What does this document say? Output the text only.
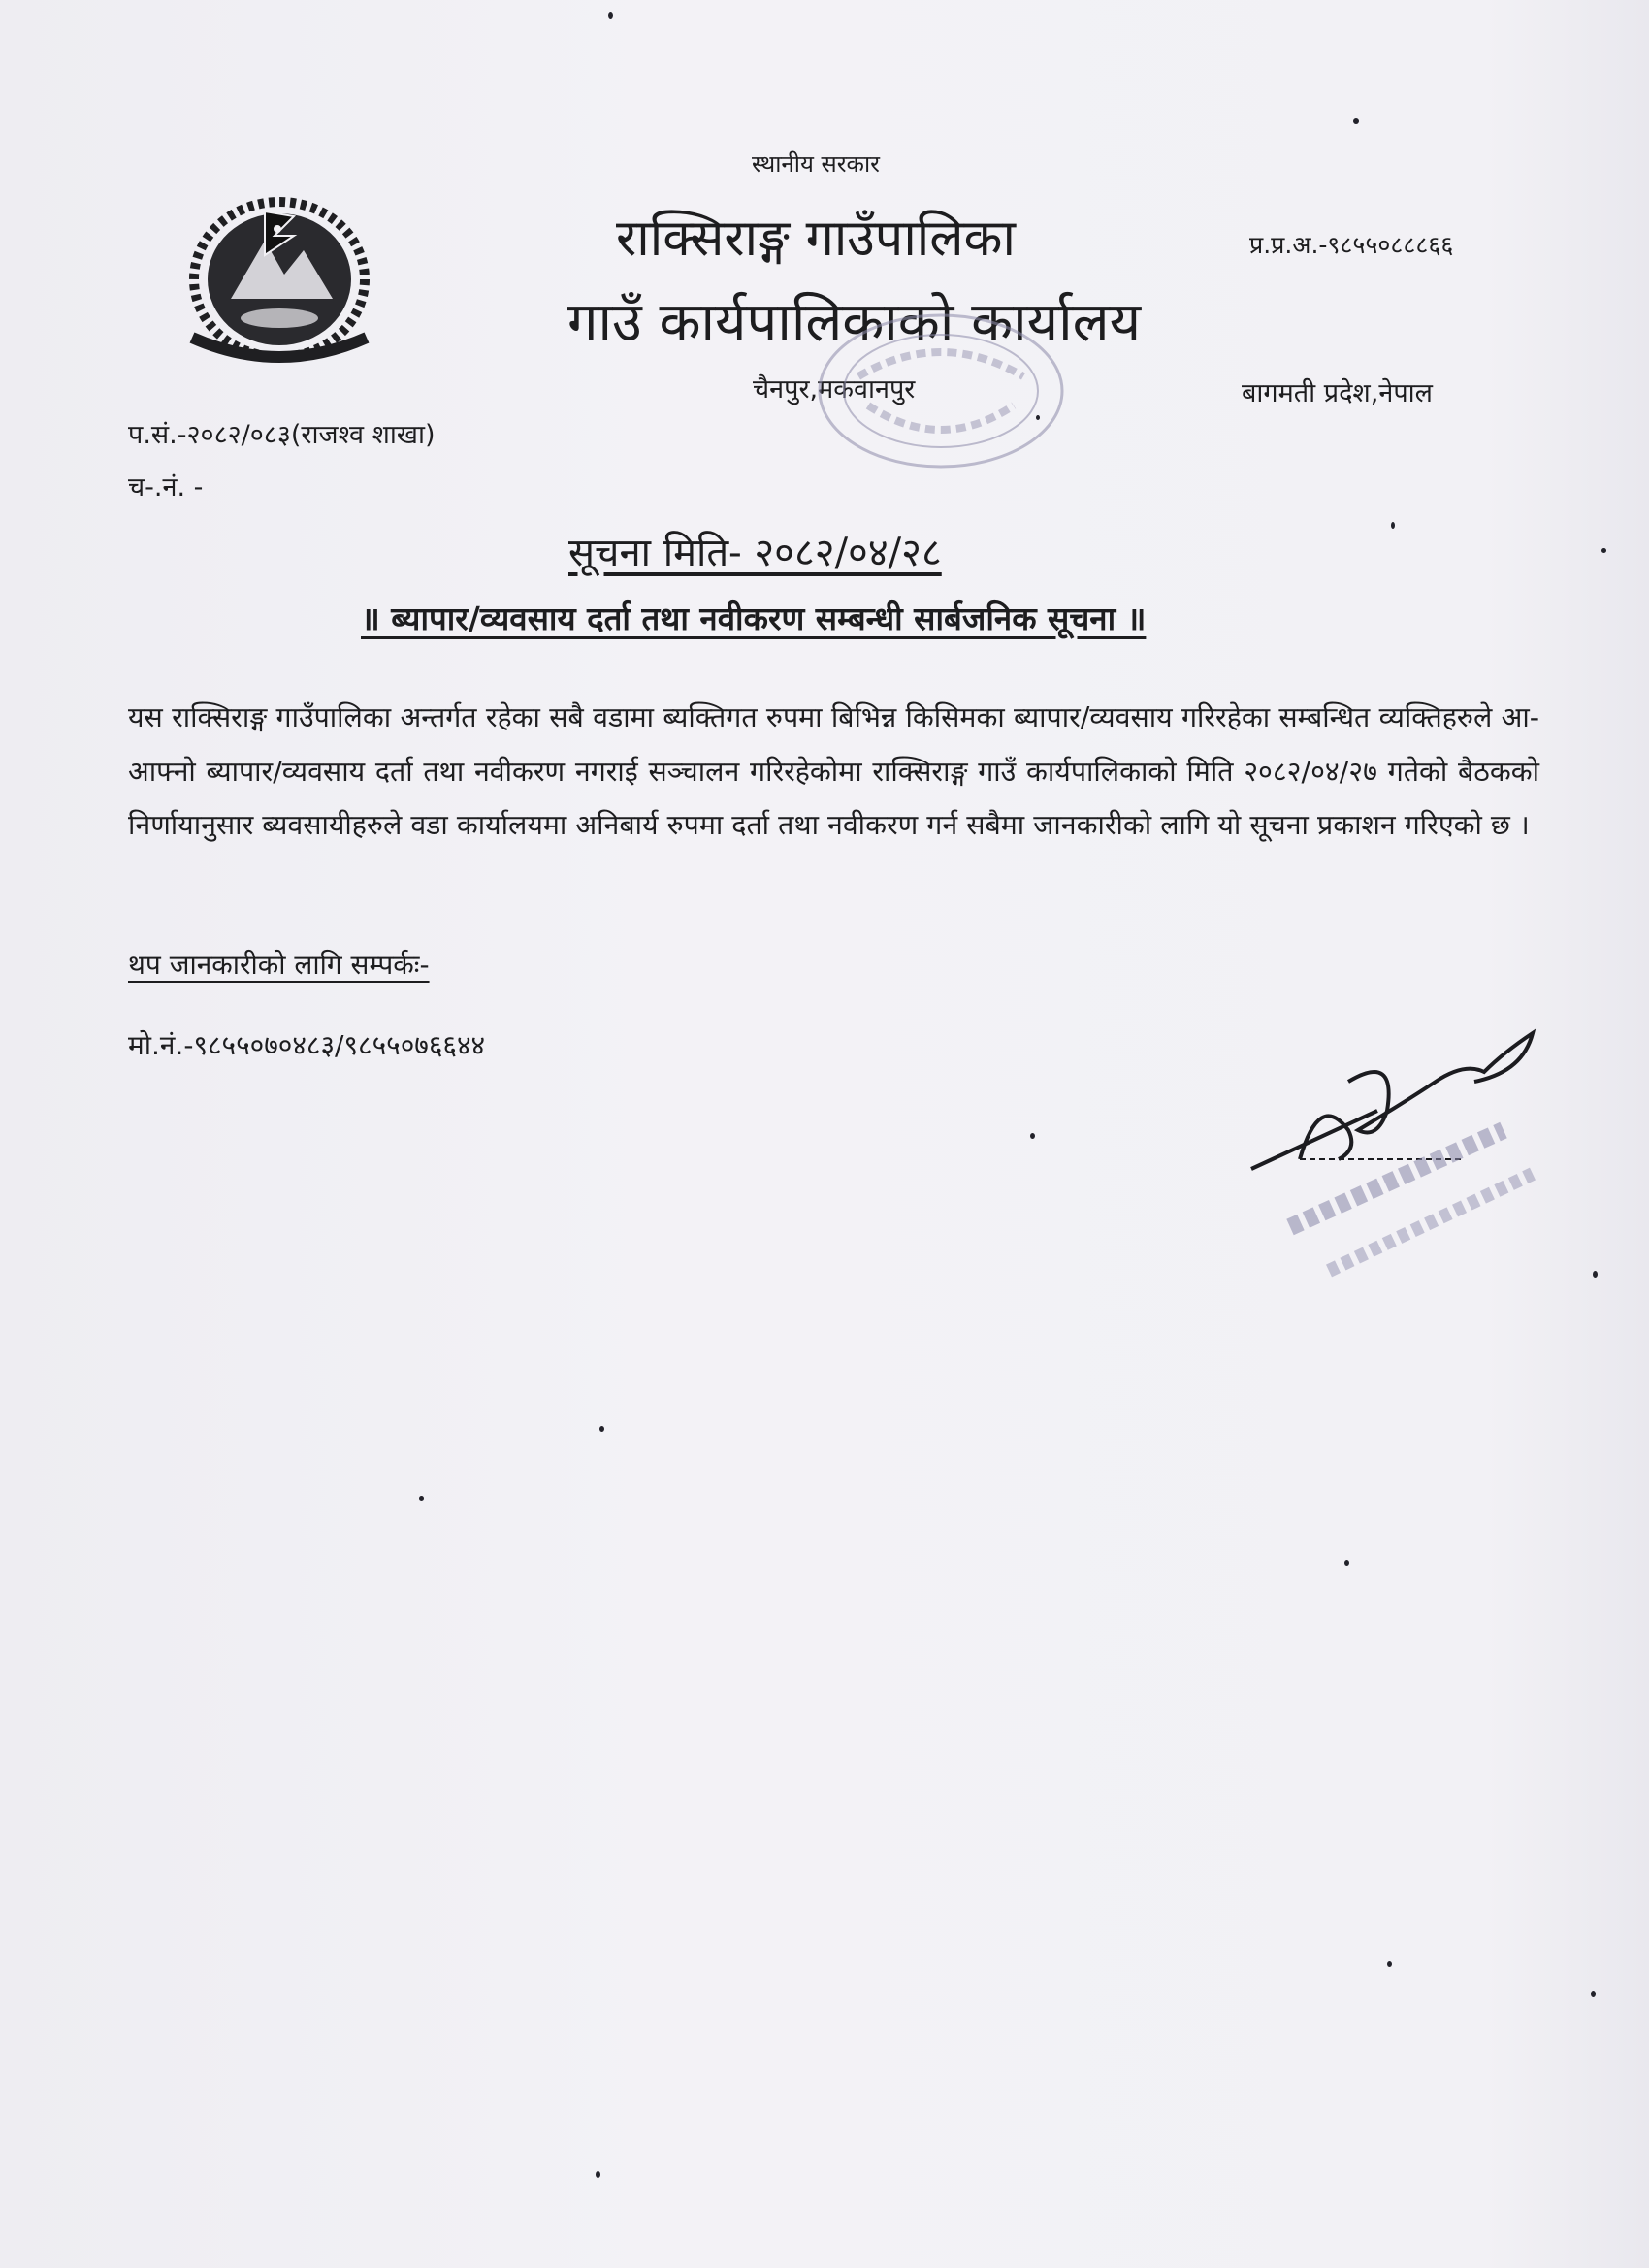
स्थानीय सरकार
राक्सिराङ्ग गाउँपालिका
गाउँ कार्यपालिकाको कार्यालय
चैनपुर,मकवानपुर
प्र.प्र.अ.-९८५५०८८८६६
बागमती प्रदेश,नेपाल
प.सं.-२०८२/०८३(राजश्व शाखा)
च-.नं. -
सूचना मिति- २०८२/०४/२८
॥ ब्यापार/व्यवसाय दर्ता तथा नवीकरण सम्बन्धी सार्बजनिक सूचना ॥
यस राक्सिराङ्ग गाउँपालिका अन्तर्गत रहेका सबै वडामा ब्यक्तिगत रुपमा बिभिन्न किसिमका ब्यापार/व्यवसाय गरिरहेका सम्बन्धित व्यक्तिहरुले आ-आफ्नो ब्यापार/व्यवसाय दर्ता तथा नवीकरण नगराई सञ्चालन गरिरहेकोमा राक्सिराङ्ग गाउँ कार्यपालिकाको मिति २०८२/०४/२७ गतेको बैठकको निर्णायानुसार ब्यवसायीहरुले वडा कार्यालयमा अनिबार्य रुपमा दर्ता तथा नवीकरण गर्न सबैमा जानकारीको लागि यो सूचना प्रकाशन गरिएको छ ।
थप जानकारीको लागि सम्पर्कः-
मो.नं.-९८५५०७०४८३/९८५५०७६६४४
